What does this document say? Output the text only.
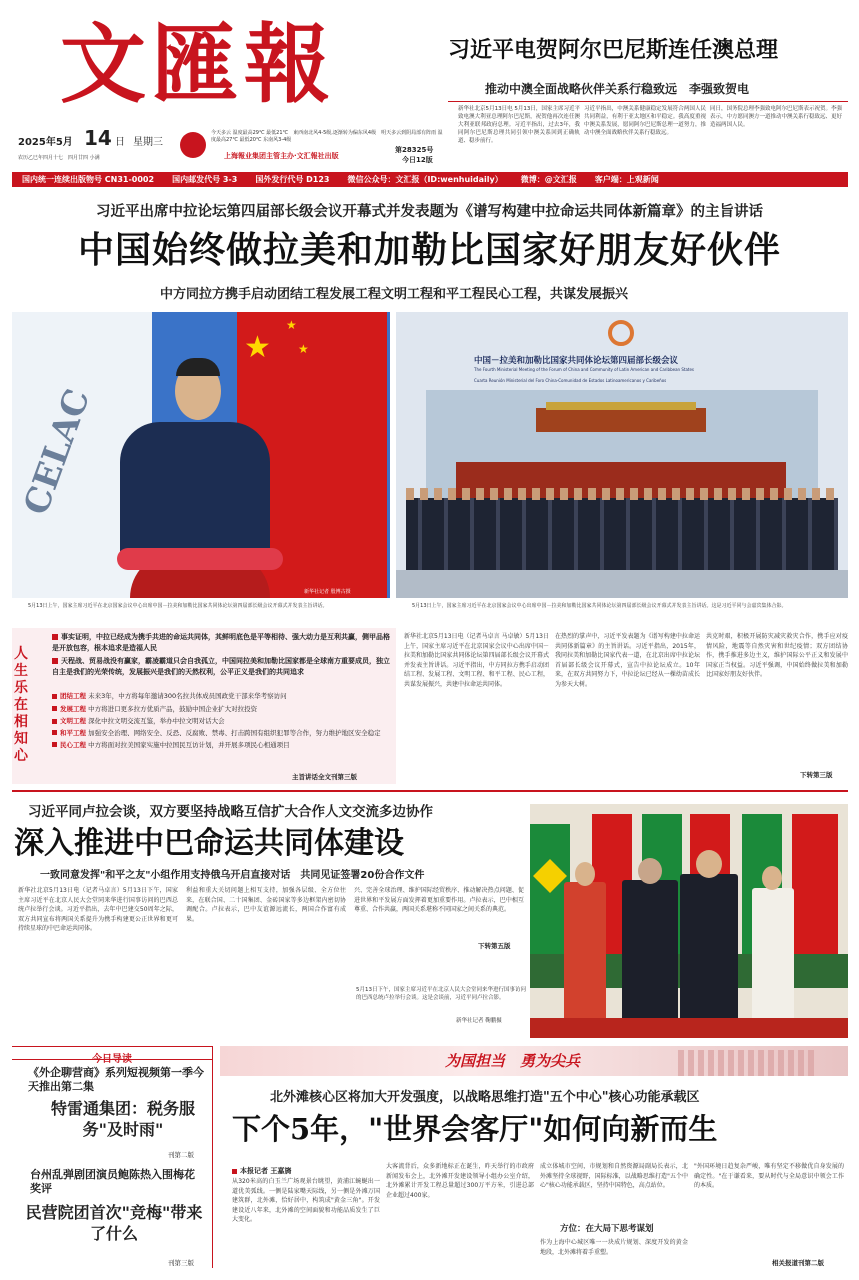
文匯報
2025年5月 14 日 星期三
农历乙巳年四月十七　四月廿四 小满
今天多云 温度最高29℃ 最低21℃　東西南北风4-5级,逐渐转为偏东风4级　明天多云到阴局部有阵雨 温度最高27℃ 最低20℃ 东南风3-4级
上海報业集团主管主办·文汇報社出版
第28325号
今日12版
习近平电贺阿尔巴尼斯连任澳总理
推动中澳全面战略伙伴关系行稳致远　李强致贺电
新华社北京5月13日电 5月13日，国家主席习近平致电澳大利亚总理阿尔巴尼斯，祝贺他再次连任澳大利亚联邦政府总理。习近平指出，过去3年，我同阿尔巴尼斯总理共同引领中澳关系回到正确轨道、稳步前行。
习近平指出，中澳关系健康稳定发展符合两国人民共同利益，有利于亚太地区和平稳定。我高度重视中澳关系发展，愿同阿尔巴尼斯总理一道努力，推动中澳全面战略伙伴关系行稳致远。
同日，国务院总理李强致电阿尔巴尼斯表示祝贺。李强表示，中方愿同澳方一道推动中澳关系行稳致远、更好造福两国人民。
国内统一连续出版物号 CN31-0002 国内邮发代号 3-3 国外发行代号 D123 微信公众号：文汇报（ID:wenhuidaily） 微博：@文汇报 客户端：上观新闻
习近平出席中拉论坛第四届部长级会议开幕式并发表题为《谱写构建中拉命运共同体新篇章》的主旨讲话
中国始终做拉美和加勒比国家好朋友好伙伴
中方同拉方携手启动团结工程发展工程文明工程和平工程民心工程，共谋发展振兴
★
★
★
CELAC
新华社记者 殷博古摄
中国－拉美和加勒比国家共同体论坛第四届部长级会议
The Fourth Ministerial Meeting of the Forum of China and Community of Latin American and Caribbean States
Cuarta Reunión Ministerial del Foro China-Comunidad de Estados Latinoamericanos y Caribeños
5月13日上午，国家主席习近平在北京国家会议中心出席中国－拉美和加勒比国家共同体论坛第四届部长级会议开幕式并发表主旨讲话。	5月13日上午，国家主席习近平在北京国家会议中心出席中国－拉美和加勒比国家共同体论坛第四届部长级会议开幕式并发表主旨讲话。这是习近平同与会嘉宾集体合影。
人生乐在相知心
事实证明，中拉已经成为携手共进的命运共同体，其鲜明底色是平等相待、强大动力是互利共赢，侧甲品格是开放包容，根本追求是造福人民
天程战、贸易战没有赢家，霸凌霸道只会自我孤立，中国同拉美和加勒比国家都是全球南方重要成员，独立自主是我们的光荣传统，发展振兴是我们的天然权利，公平正义是我们的共同追求
团结工程 未来3年，中方将每年邀请300名拉共体成员国政党干部来华考察访问
发展工程 中方将进口更多拉方优质产品，鼓励中国企业扩大对拉投资
文明工程 深化中拉文明交流互鉴，举办中拉文明对话大会
和平工程 加强安全治理、网络安全、反恐、反腐败、禁毒、打击跨国有组织犯罪等合作，努力维护地区安全稳定
民心工程 中方将面对拉美国家实施中拉国民互访计划，并开展多项民心相通项目
主旨讲话全文刊第三版
新华社北京5月13日电（记者马卓言 马卓敏）5月13日上午，国家主席习近平在北京国家会议中心出席中国－拉美和加勒比国家共同体论坛第四届部长级会议开幕式并发表主旨讲话。习近平指出，中方同拉方携手启动团结工程、发展工程、文明工程、和平工程、民心工程，共谋发展振兴，共建中拉命运共同体。
在热烈的掌声中，习近平发表题为《谱写构建中拉命运共同体新篇章》的主旨讲话。习近平指出，2015年，我同拉美和加勒比国家代表一道，在北京出席中拉论坛首届部长级会议开幕式，宣告中拉论坛成立。10年来，在双方共同努力下，中拉论坛已经从一棵幼苗成长为参天大树。
共克时艰，积极开展防灾减灾救灾合作，携手应对疫情风险，地震等自然灾害和世纪疫情；双方团结协作，携手推进多边主义，维护国际公平正义和发展中国家正当权益。习近平强调，中国始终做拉美和加勒比国家好朋友好伙伴。
下转第三版
习近平同卢拉会谈，双方要坚持战略互信扩大合作人文交流多边协作
深入推进中巴命运共同体建设
一致同意发挥"和平之友"小组作用支持俄乌开启直接对话　共同见证签署20份合作文件
新华社北京5月13日电（记者马卓言）5月13日下午，国家主席习近平在北京人民大会堂同来华进行国事访问的巴西总统卢拉举行会谈。习近平指出，去年中巴建交50周年之际，双方共同宣布将两国关系提升为携手构建更公正世界和更可持续星球的中巴命运共同体。
利益和重大关切问题上相互支持，加强各层级、全方位往来，在联合国、二十国集团、金砖国家等多边框架内密切协调配合。卢拉表示，巴中友谊源远流长，两国合作富有成果。
兴、完善全球治理、维护国际经贸秩序、推动解决热点问题、促进世界和平发展方面发挥着更加重要作用。卢拉表示，巴中相互尊重、合作共赢，两国关系堪称不同国家之间关系的典范。
下转第五版
5月13日下午，国家主席习近平在北京人民大会堂同来华进行国事访问的巴西总统卢拉举行会谈。这是会谈前，习近平同卢拉合影。
新华社记者 鞠鹏摄
今日导读
《外企聊营商》系列短视频第一季今天推出第二集
特雷通集团：税务服务"及时雨"
刊第二版
台州乱弹剧团演员鲍陈热入围梅花奖评
民营院团首次"竞梅"带来了什么
刊第三版
为国担当　勇为尖兵
北外滩核心区将加大开发强度，以战略思维打造"五个中心"核心功能承载区
下个5年，"世界会客厅"如何向新而生
本报记者 王嘉旖
从320米高的白玉兰广场观景台眺望，黄浦江蜿蜒出一道优美弧线。一侧是陆家嘴天际线，另一侧是外滩万国建筑群，北外滩，恰好居中，构筑成"黄金三角"。开发建设近八年来，北外滩的空间面貌和功能品质发生了巨大变化。
大客流背后，众多新地标正在诞生，昨天举行的市政府新闻发布会上，北外滩开发建设领导小组办公室介绍，北外滩累计开发工程总量超过300万平方米，引进总部企业超过400家。
成立体城市空间，市规划和自然资源局副局长表示，北外滩坚持全球视野，国际标准，以战略思维打造"五个中心"核心功能承载区，坚持中国特色，高点站位。
方位：在大局下思考谋划
作为上海中心城区唯一一块成片规划、深度开发的黄金地段，北外滩将着手重塑。
"外国环境日趋复杂严峻，唯有坚定不移做优自身发展的确定性。"在于谦看来，要从时代与全局意识中领会工作的本质。
相关报道刊第二版
